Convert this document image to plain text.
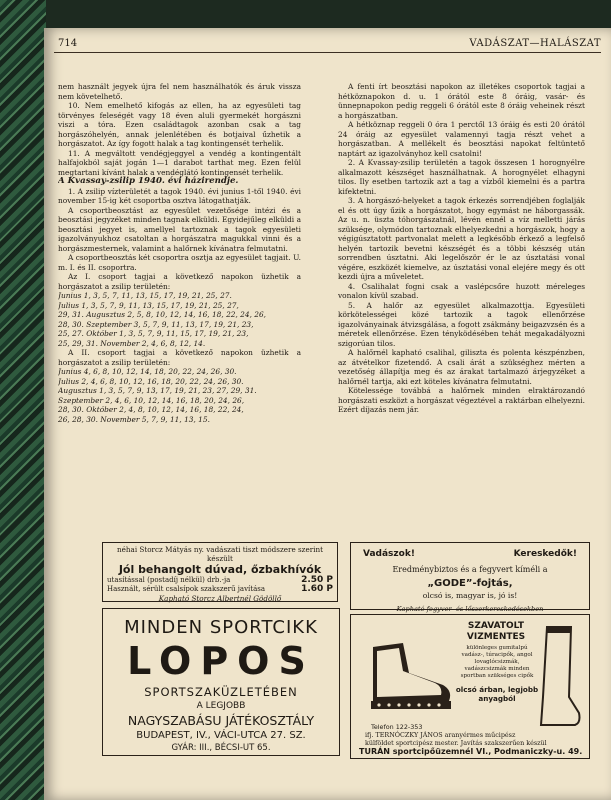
714	VADÁSZAT—HALÁSZAT

nem használt jegyek újra fel nem használhatók és áruk vissza nem követelhető.

10. Nem emelhető kifogás az ellen, ha az egyesületi tag törvényes feleségét vagy 18 éven aluli gyermekét horgászni viszi a tóra. Ezen családtagok azonban csak a tag horgászóhelyén, annak jelenlétében és botjaival űzhetik a horgászatot. Az így fogott halak a tag kontingensét terhelik.

11. A megváltott vendégjeggyel a vendég a kontingentált halfajokból saját jogán 1—1 darabot tarthat meg. Ezen felül megtartani kívánt halak a vendéglátó kontingensét terhelik.

A Kvassay-zsilip 1940. évi házirendje.

1. A zsilip vízterületét a tagok 1940. évi junius 1-től 1940. évi november 15-ig két csoportba osztva látogathatják.

A csoportbeosztást az egyesület vezetősége intézi és a beosztási jegyzéket minden tagnak elküldi. Egyidejűleg elküldi a beosztási jegyet is, amellyel tartoznak a tagok egyesületi igazolványukhoz csatoltan a horgászatra magukkal vinni és a horgászmesternek, valamint a halőrnek kívánatra felmutatni.

A csoportbeosztás két csoportra osztja az egyesület tagjait. U. m. I. és II. csoportra.

Az I. csoport tagjai a következő napokon üzhetik a horgászatot a zsilip területén:

Junius 1, 3, 5, 7, 11, 13, 15, 17, 19, 21, 25, 27.

Julius 1, 3, 5, 7, 9, 11, 13, 15, 17, 19, 21, 25, 27,

29, 31. Augusztus 2, 5, 8, 10, 12, 14, 16, 18, 22, 24, 26,

28, 30. Szeptember 3, 5, 7, 9, 11, 13, 17, 19, 21, 23,

25, 27. Október 1, 3, 5, 7, 9, 11, 15, 17, 19, 21, 23,

25, 29, 31. November 2, 4, 6, 8, 12, 14.

A II. csoport tagjai a következő napokon üzhetik a horgászatot a zsilip területén:

Junius 4, 6, 8, 10, 12, 14, 18, 20, 22, 24, 26, 30.

Julius 2, 4, 6, 8, 10, 12, 16, 18, 20, 22, 24, 26, 30.

Augusztus 1, 3, 5, 7, 9, 13, 17, 19, 21, 23, 27, 29, 31.

Szeptember 2, 4, 6, 10, 12, 14, 16, 18, 20, 24, 26,

28, 30. Október 2, 4, 8, 10, 12, 14, 16, 18, 22, 24,

26, 28, 30. November 5, 7, 9, 11, 13, 15.

A fenti írt beosztási napokon az illetékes csoportok tagjai a hétköznapokon d. u. 1 órától este 8 óráig, vasár- és ünnepnapokon pedig reggeli 6 órától este 8 óráig veheinek részt a horgászatban.

A hétköznap reggeli 0 óra 1 perctől 13 óráig és esti 20 órától 24 óráig az egyesület valamennyi tagja részt vehet a horgászatban. A mellékelt és beosztási napokat feltüntető naptárt az igazolványhoz kell csatolni!

2. A Kvassay-zsilip területén a tagok összesen 1 horognyélre alkalmazott készséget használhatnak. A horognyélet elhagyni tilos. Ily esetben tartozik azt a tag a vízből kiemelni és a partra kifektetni.

3. A horgászó-helyeket a tagok érkezés sorrendjében foglalják el és ott úgy űzik a horgászatot, hogy egymást ne háborgassák. Az u. n. üszta tóhorgászatnál, lévén ennél a víz melletti járás szüksége, olymódon tartoznak elhelyezkedni a horgászok, hogy a végigúsztatott partvonalat melett a legkésőbb érkező a legfelső helyén tartozik bevetni készségét és a többi készség után sorrendben úsztatni. Aki legelőször ér le az úsztatási vonal végére, eszközét kiemelve, az úsztatási vonal elejére megy és ott kezdi újra a műveletet.

4. Csalihalat fogni csak a vaslépcsőre huzott méreleges vonalon kívül szabad.

5. A halőr az egyesület alkalmazottja. Egyesületi körkötelességei közé tartozik a tagok ellenőrzése igazolványainak átvizsgálása, a fogott zsákmány beigazvzsén és a méretek ellenőrzése. Ezen tényködésében tehát megakadályozni szigorúan tilos.

A halőrnél kapható csalihal, giliszta és polenta készpénzben, az átvételkor fizetendő. A csali árát a szükséghez mérten a vezetőség állapítja meg és az árakat tartalmazó árjegyzéket a halőrnél tartja, aki ezt köteles kívánatra felmutatni.

Kötelessége továbbá a halőrnek minden elraktározandó horgászati eszközt a horgászat végeztével a raktárban elhelyezni. Ezért díjazás nem jár.

néhai Storcz Mátyás ny. vadászati tiszt módszere szerint készült
Jól behangolt dúvad, őzbakhívók
utasítással (postadíj nélkül) drb.-ja	2.50 P
Használt, sérült csalsípok szakszerű javítása	1.60 P
Kapható Storcz Albertnél Gödöllő
Vadászok!	Kereskedők!
Eredménybiztos és a fegyvert kíméli a
„GODE”-fojtás,
olcsó is, magyar is, jó is!
Kapható fegyver- és lőszerkereskedésekben
MINDEN SPORTCIKK
LOPOS
SPORTSZAKÜZLETÉBEN
A LEGJOBB
NAGYSZABÁSU JÁTÉKOSZTÁLY
BUDAPEST, IV., VÁCI-UTCA 27. SZ.
GYÁR: III., BÉCSI-UT 65.
SZAVATOLT VIZMENTES
különleges gumitalpú vadász-, túracipők, angol lovaglócsizmák, vadászcsizmák minden sportban szükséges cipők
olcsó árban, legjobb anyagból
Telefon 122-353
ifj. TERNÓCZKY JÁNOS aranyérmes műcipész
külföldet sportcipész mester. Javítás szakszerűen készül
TURÁN sportcipőüzemnél VI., Podmaniczky-u. 49.
